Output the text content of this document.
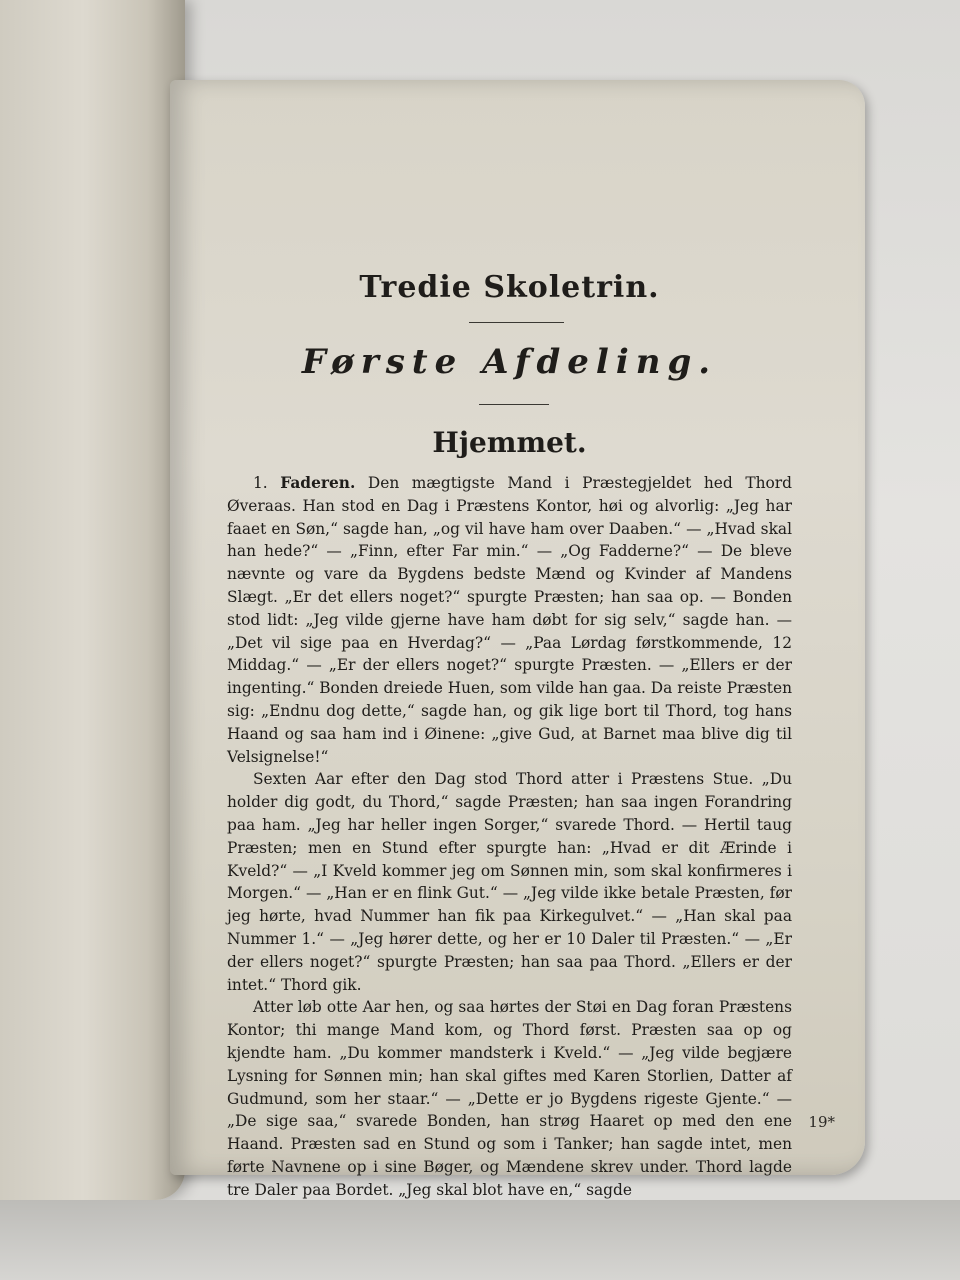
Tredie Skoletrin.
Første Afdeling.
Hjemmet.

1. Faderen. Den mægtigste Mand i Præstegjeldet hed Thord Øveraas. Han stod en Dag i Præstens Kontor, høi og alvorlig: „Jeg har faaet en Søn,“ sagde han, „og vil have ham over Daaben.“ — „Hvad skal han hede?“ — „Finn, efter Far min.“ — „Og Fadderne?“ — De bleve nævnte og vare da Bygdens bedste Mænd og Kvinder af Mandens Slægt. „Er det ellers noget?“ spurgte Præsten; han saa op. — Bonden stod lidt: „Jeg vilde gjerne have ham døbt for sig selv,“ sagde han. — „Det vil sige paa en Hverdag?“ — „Paa Lørdag førstkommende, 12 Middag.“ — „Er der ellers noget?“ spurgte Præsten. — „Ellers er der ingenting.“ Bonden dreiede Huen, som vilde han gaa. Da reiste Præsten sig: „Endnu dog dette,“ sagde han, og gik lige bort til Thord, tog hans Haand og saa ham ind i Øinene: „give Gud, at Barnet maa blive dig til Velsignelse!“

Sexten Aar efter den Dag stod Thord atter i Præstens Stue. „Du holder dig godt, du Thord,“ sagde Præsten; han saa ingen Forandring paa ham. „Jeg har heller ingen Sorger,“ svarede Thord. — Hertil taug Præsten; men en Stund efter spurgte han: „Hvad er dit Ærinde i Kveld?“ — „I Kveld kommer jeg om Sønnen min, som skal konfirmeres i Morgen.“ — „Han er en flink Gut.“ — „Jeg vilde ikke betale Præsten, før jeg hørte, hvad Nummer han fik paa Kirkegulvet.“ — „Han skal paa Nummer 1.“ — „Jeg hører dette, og her er 10 Daler til Præsten.“ — „Er der ellers noget?“ spurgte Præsten; han saa paa Thord. „Ellers er der intet.“ Thord gik.

Atter løb otte Aar hen, og saa hørtes der Støi en Dag foran Præstens Kontor; thi mange Mand kom, og Thord først. Præsten saa op og kjendte ham. „Du kommer mandsterk i Kveld.“ — „Jeg vilde begjære Lysning for Sønnen min; han skal giftes med Karen Storlien, Datter af Gudmund, som her staar.“ — „Dette er jo Bygdens rigeste Gjente.“ — „De sige saa,“ svarede Bonden, han strøg Haaret op med den ene Haand. Præsten sad en Stund og som i Tanker; han sagde intet, men førte Navnene op i sine Bøger, og Mændene skrev under. Thord lagde tre Daler paa Bordet. „Jeg skal blot have en,“ sagde

19*
